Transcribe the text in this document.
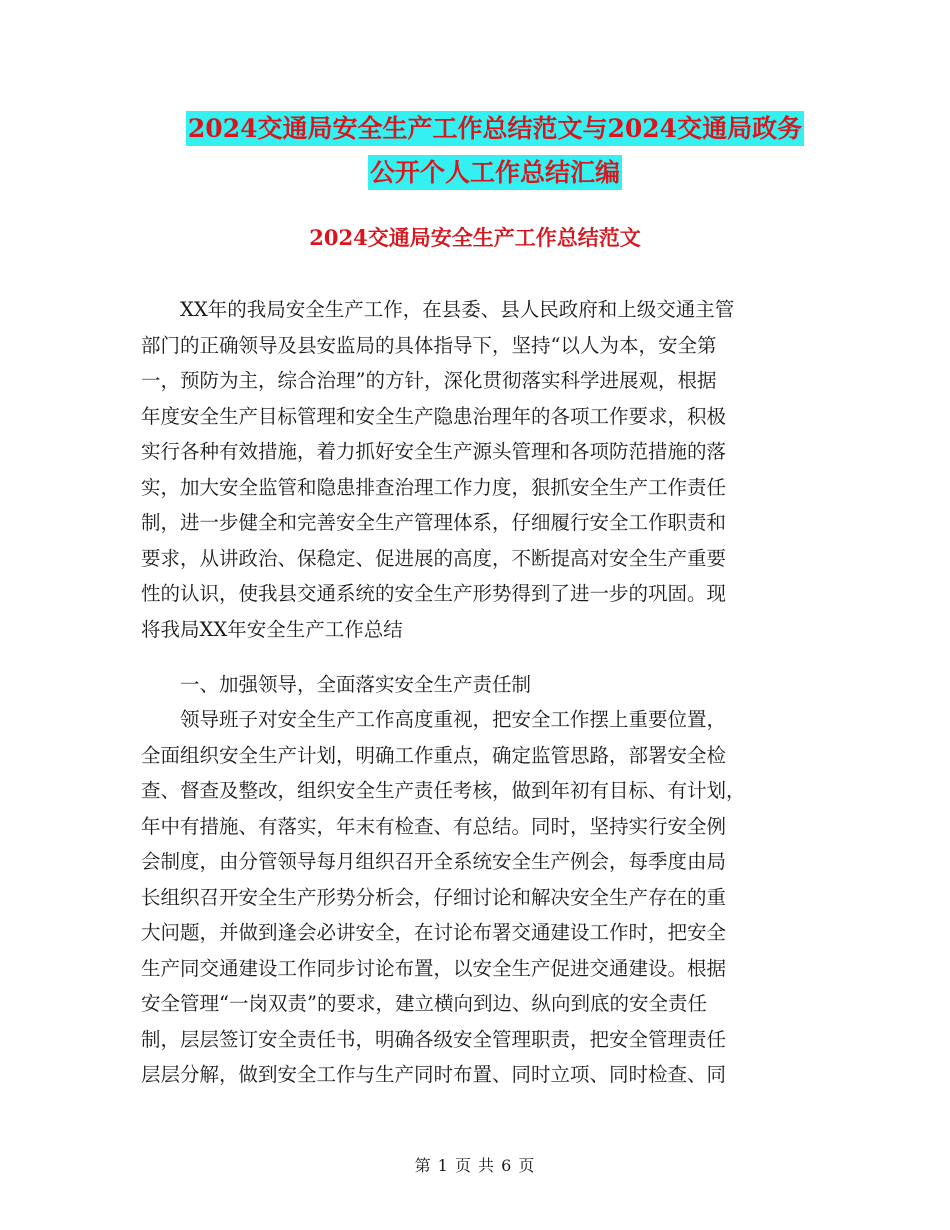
2024交通局安全生产工作总结范文与2024交通局政务
公开个人工作总结汇编
2024交通局安全生产工作总结范文
　　XX年的我局安全生产工作，在县委、县人民政府和上级交通主管
部门的正确领导及县安监局的具体指导下，坚持“以人为本，安全第
一，预防为主，综合治理”的方针，深化贯彻落实科学进展观，根据
年度安全生产目标管理和安全生产隐患治理年的各项工作要求，积极
实行各种有效措施，着力抓好安全生产源头管理和各项防范措施的落
实，加大安全监管和隐患排查治理工作力度，狠抓安全生产工作责任
制，进一步健全和完善安全生产管理体系，仔细履行安全工作职责和
要求，从讲政治、保稳定、促进展的高度，不断提高对安全生产重要
性的认识，使我县交通系统的安全生产形势得到了进一步的巩固。现
将我局XX年安全生产工作总结
　　一、加强领导，全面落实安全生产责任制
　　领导班子对安全生产工作高度重视，把安全工作摆上重要位置，
全面组织安全生产计划，明确工作重点，确定监管思路，部署安全检
查、督查及整改，组织安全生产责任考核，做到年初有目标、有计划，
年中有措施、有落实，年末有检查、有总结。同时，坚持实行安全例
会制度，由分管领导每月组织召开全系统安全生产例会，每季度由局
长组织召开安全生产形势分析会，仔细讨论和解决安全生产存在的重
大问题，并做到逢会必讲安全，在讨论布署交通建设工作时，把安全
生产同交通建设工作同步讨论布置，以安全生产促进交通建设。根据
安全管理“一岗双责”的要求，建立横向到边、纵向到底的安全责任
制，层层签订安全责任书，明确各级安全管理职责，把安全管理责任
层层分解，做到安全工作与生产同时布置、同时立项、同时检查、同
第 1 页 共 6 页
